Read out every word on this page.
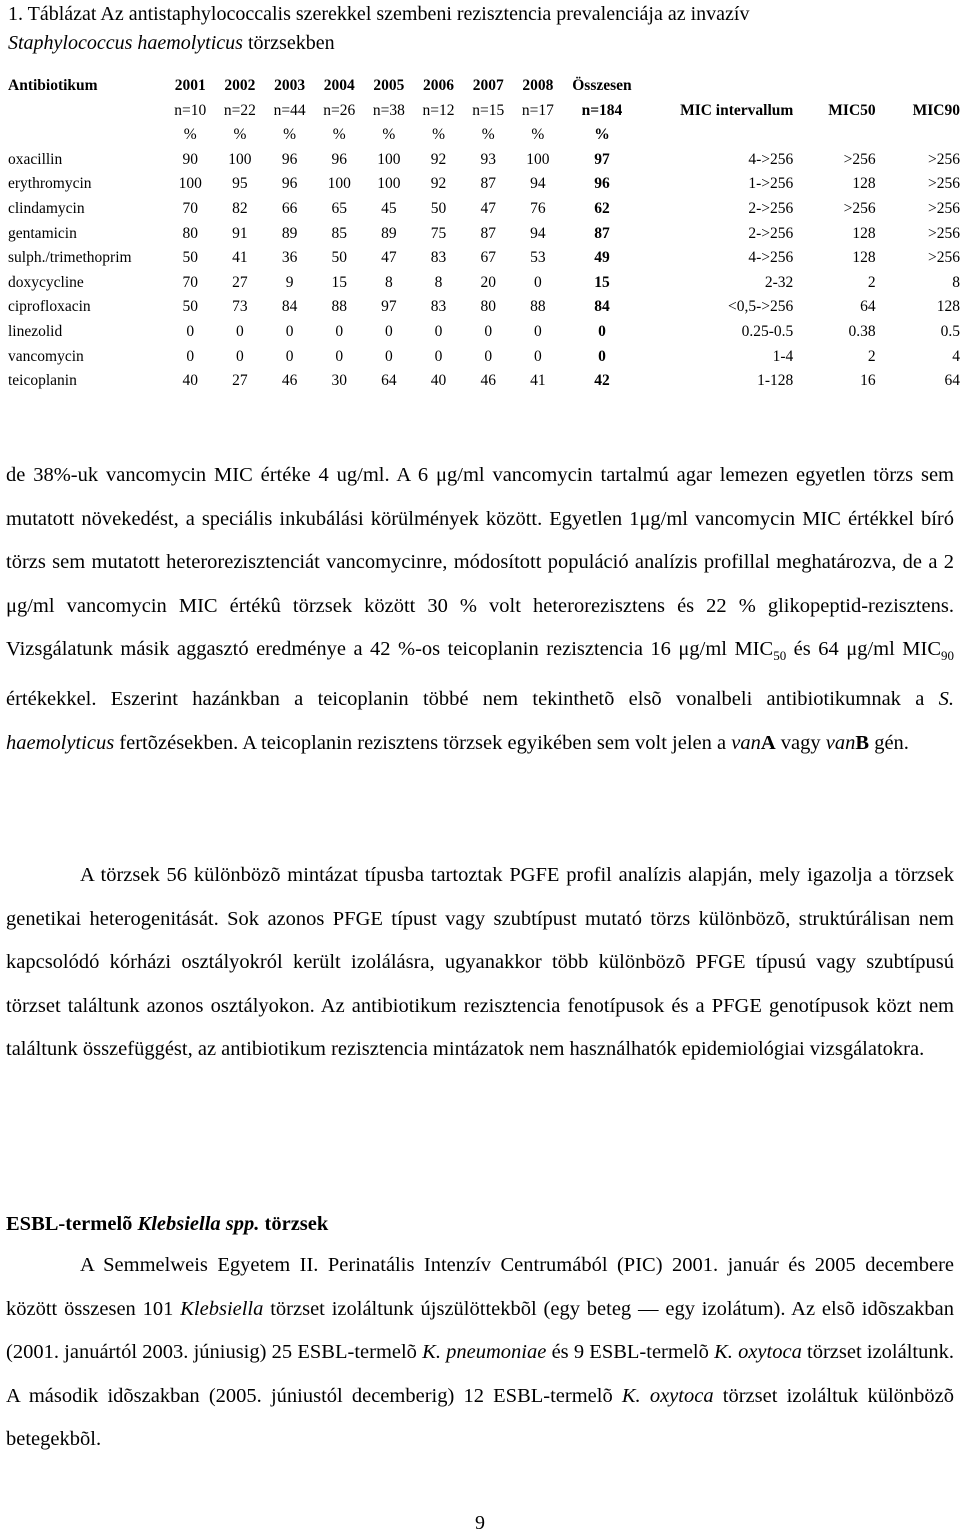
1. Táblázat Az antistaphylococcalis szerekkel szembeni rezisztencia prevalenciája az invazív
Staphylococcus haemolyticus törzsekben
Antibiotikum	2001	2002	2003	2004	2005	2006	2007	2008	Összesen			
	n=10	n=22	n=44	n=26	n=38	n=12	n=15	n=17	n=184	MIC intervallum	MIC50	MIC90
	%	%	%	%	%	%	%	%	%			
oxacillin	90	100	96	96	100	92	93	100	97	4->256	>256	>256
erythromycin	100	95	96	100	100	92	87	94	96	1->256	128	>256
clindamycin	70	82	66	65	45	50	47	76	62	2->256	>256	>256
gentamicin	80	91	89	85	89	75	87	94	87	2->256	128	>256
sulph./trimethoprim	50	41	36	50	47	83	67	53	49	4->256	128	>256
doxycycline	70	27	9	15	8	8	20	0	15	2-32	2	8
ciprofloxacin	50	73	84	88	97	83	80	88	84	<0,5->256	64	128
linezolid	0	0	0	0	0	0	0	0	0	0.25-0.5	0.38	0.5
vancomycin	0	0	0	0	0	0	0	0	0	1-4	2	4
teicoplanin	40	27	46	30	64	40	46	41	42	1-128	16	64

de 38%-uk vancomycin MIC értéke 4 ug/ml. A 6 μg/ml vancomycin tartalmú agar lemezen egyetlen törzs sem mutatott növekedést, a speciális inkubálási körülmények között. Egyetlen 1μg/ml vancomycin MIC értékkel bíró törzs sem mutatott heterorezisztenciát vancomycinre, módosított populáció analízis profillal meghatározva, de a 2 μg/ml vancomycin MIC értékû törzsek között 30 % volt heterorezisztens és 22 % glikopeptid-rezisztens. Vizsgálatunk másik aggasztó eredménye a 42 %-os teicoplanin rezisztencia 16 μg/ml $MIC_{50}$ és 64 μg/ml $MIC_{90}$ értékekkel. Eszerint hazánkban a teicoplanin többé nem tekinthetõ elsõ vonalbeli antibiotikumnak a S. haemolyticus fertõzésekben. A teicoplanin rezisztens törzsek egyikében sem volt jelen a vanA vagy vanB gén.

A törzsek 56 különbözõ mintázat típusba tartoztak PGFE profil analízis alapján, mely igazolja a törzsek genetikai heterogenitását. Sok azonos PFGE típust vagy szubtípust mutató törzs különbözõ, struktúrálisan nem kapcsolódó kórházi osztályokról került izolálásra, ugyanakkor több különbözõ PFGE típusú vagy szubtípusú törzset találtunk azonos osztályokon. Az antibiotikum rezisztencia fenotípusok és a PFGE genotípusok közt nem találtunk összefüggést, az antibiotikum rezisztencia mintázatok nem használhatók epidemiológiai vizsgálatokra.

ESBL-termelõ Klebsiella spp. törzsek

A Semmelweis Egyetem II. Perinatális Intenzív Centrumából (PIC) 2001. január és 2005 decembere között összesen 101 Klebsiella törzset izoláltunk újszülöttekbõl (egy beteg — egy izolátum). Az elsõ idõszakban (2001. januártól 2003. júniusig) 25 ESBL-termelõ K. pneumoniae és 9 ESBL-termelõ K. oxytoca törzset izoláltunk. A második idõszakban (2005. júniustól decemberig) 12 ESBL-termelõ K. oxytoca törzset izoláltuk különbözõ betegekbõl.

9
